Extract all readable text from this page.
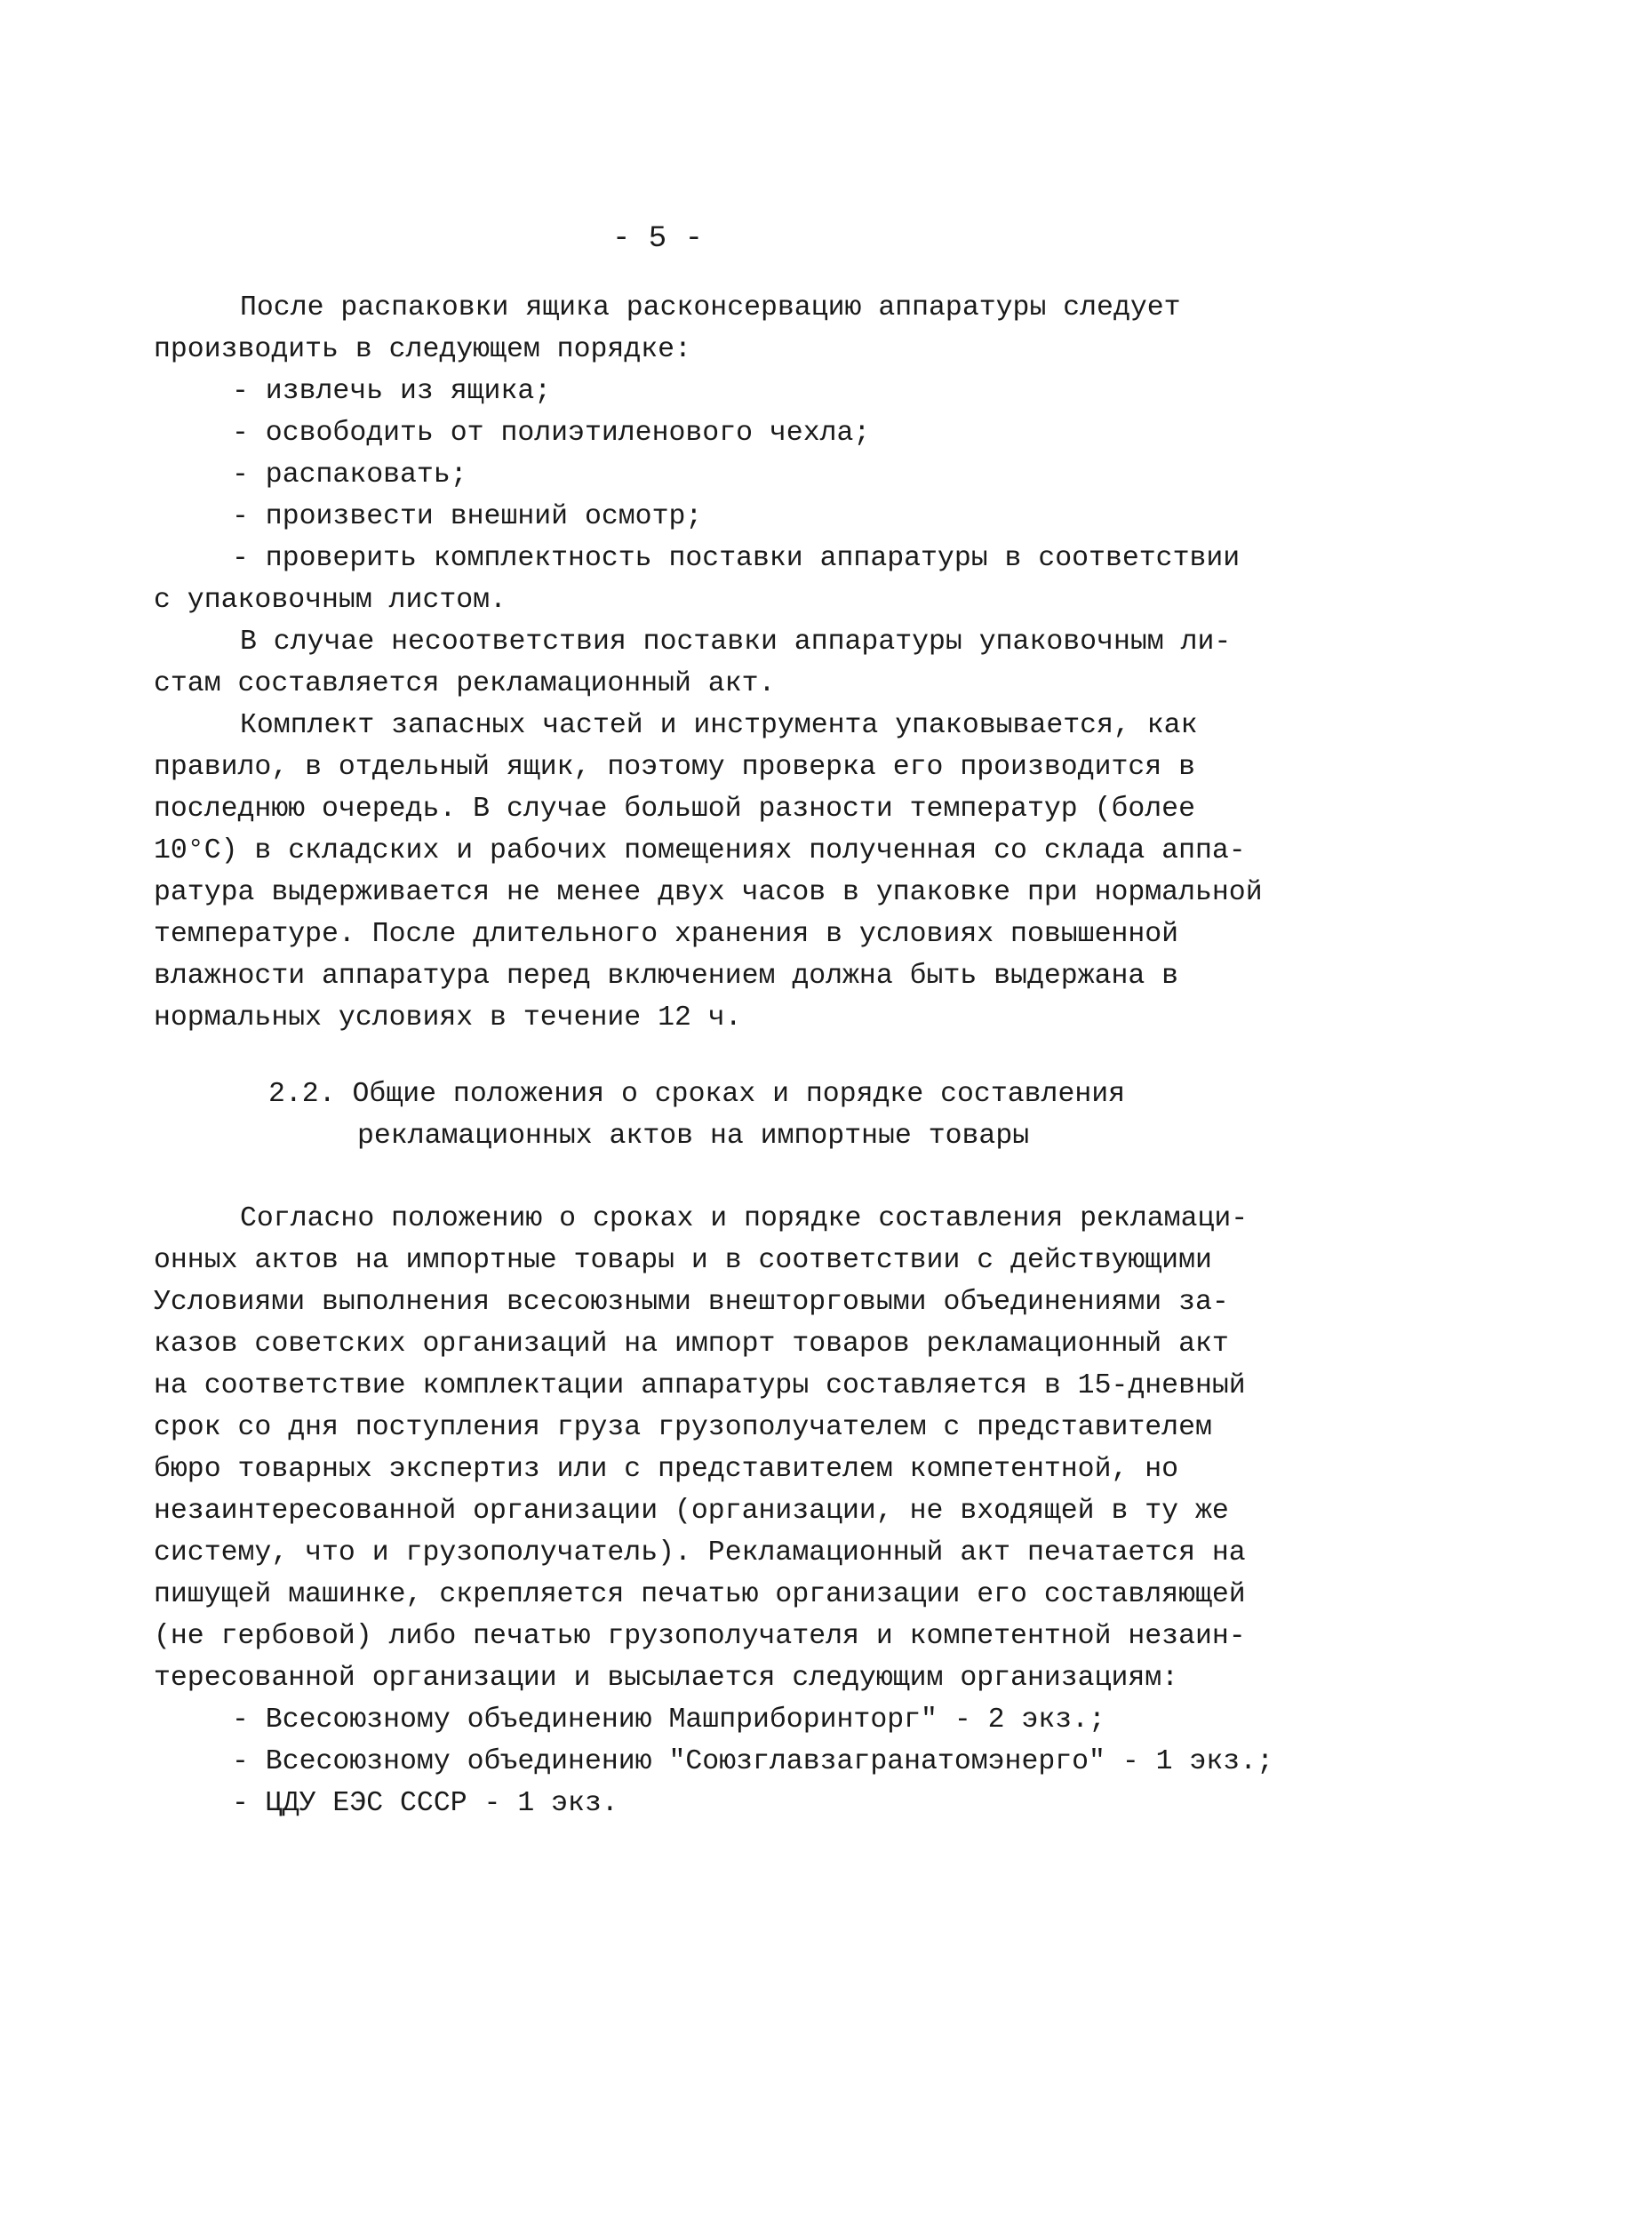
- 5 -
После распаковки ящика расконсервацию аппаратуры следует
производить в следующем порядке:
- извлечь из ящика;
- освободить от полиэтиленового чехла;
- распаковать;
- произвести внешний осмотр;
- проверить комплектность поставки аппаратуры в соответствии
с упаковочным листом.
В случае несоответствия поставки аппаратуры упаковочным ли-
стам составляется рекламационный акт.
Комплект запасных частей и инструмента упаковывается, как
правило, в отдельный ящик, поэтому проверка его производится в
последнюю очередь. В случае большой разности температур (более
10°С) в складских и рабочих помещениях полученная со склада аппа-
ратура выдерживается не менее двух часов в упаковке при нормальной
температуре. После длительного хранения в условиях повышенной
влажности аппаратура перед включением должна быть выдержана в
нормальных условиях в течение 12 ч.
2.2. Общие положения о сроках и порядке составления
рекламационных актов на импортные товары
Согласно положению о сроках и порядке составления рекламаци-
онных актов на импортные товары и в соответствии с действующими
Условиями выполнения всесоюзными внешторговыми объединениями за-
казов советских организаций на импорт товаров рекламационный акт
на соответствие комплектации аппаратуры составляется в 15-дневный
срок со дня поступления груза грузополучателем с представителем
бюро товарных экспертиз или с представителем компетентной, но
незаинтересованной организации (организации, не входящей в ту же
систему, что и грузополучатель). Рекламационный акт печатается на
пишущей машинке, скрепляется печатью организации его составляющей
(не гербовой) либо печатью грузополучателя и компетентной незаин-
тересованной организации и высылается следующим организациям:
- Всесоюзному объединению Машприборинторг" - 2 экз.;
- Всесоюзному объединению "Союзглавзагранатомэнерго" - 1 экз.;
- ЦДУ ЕЭС СССР - 1 экз.
